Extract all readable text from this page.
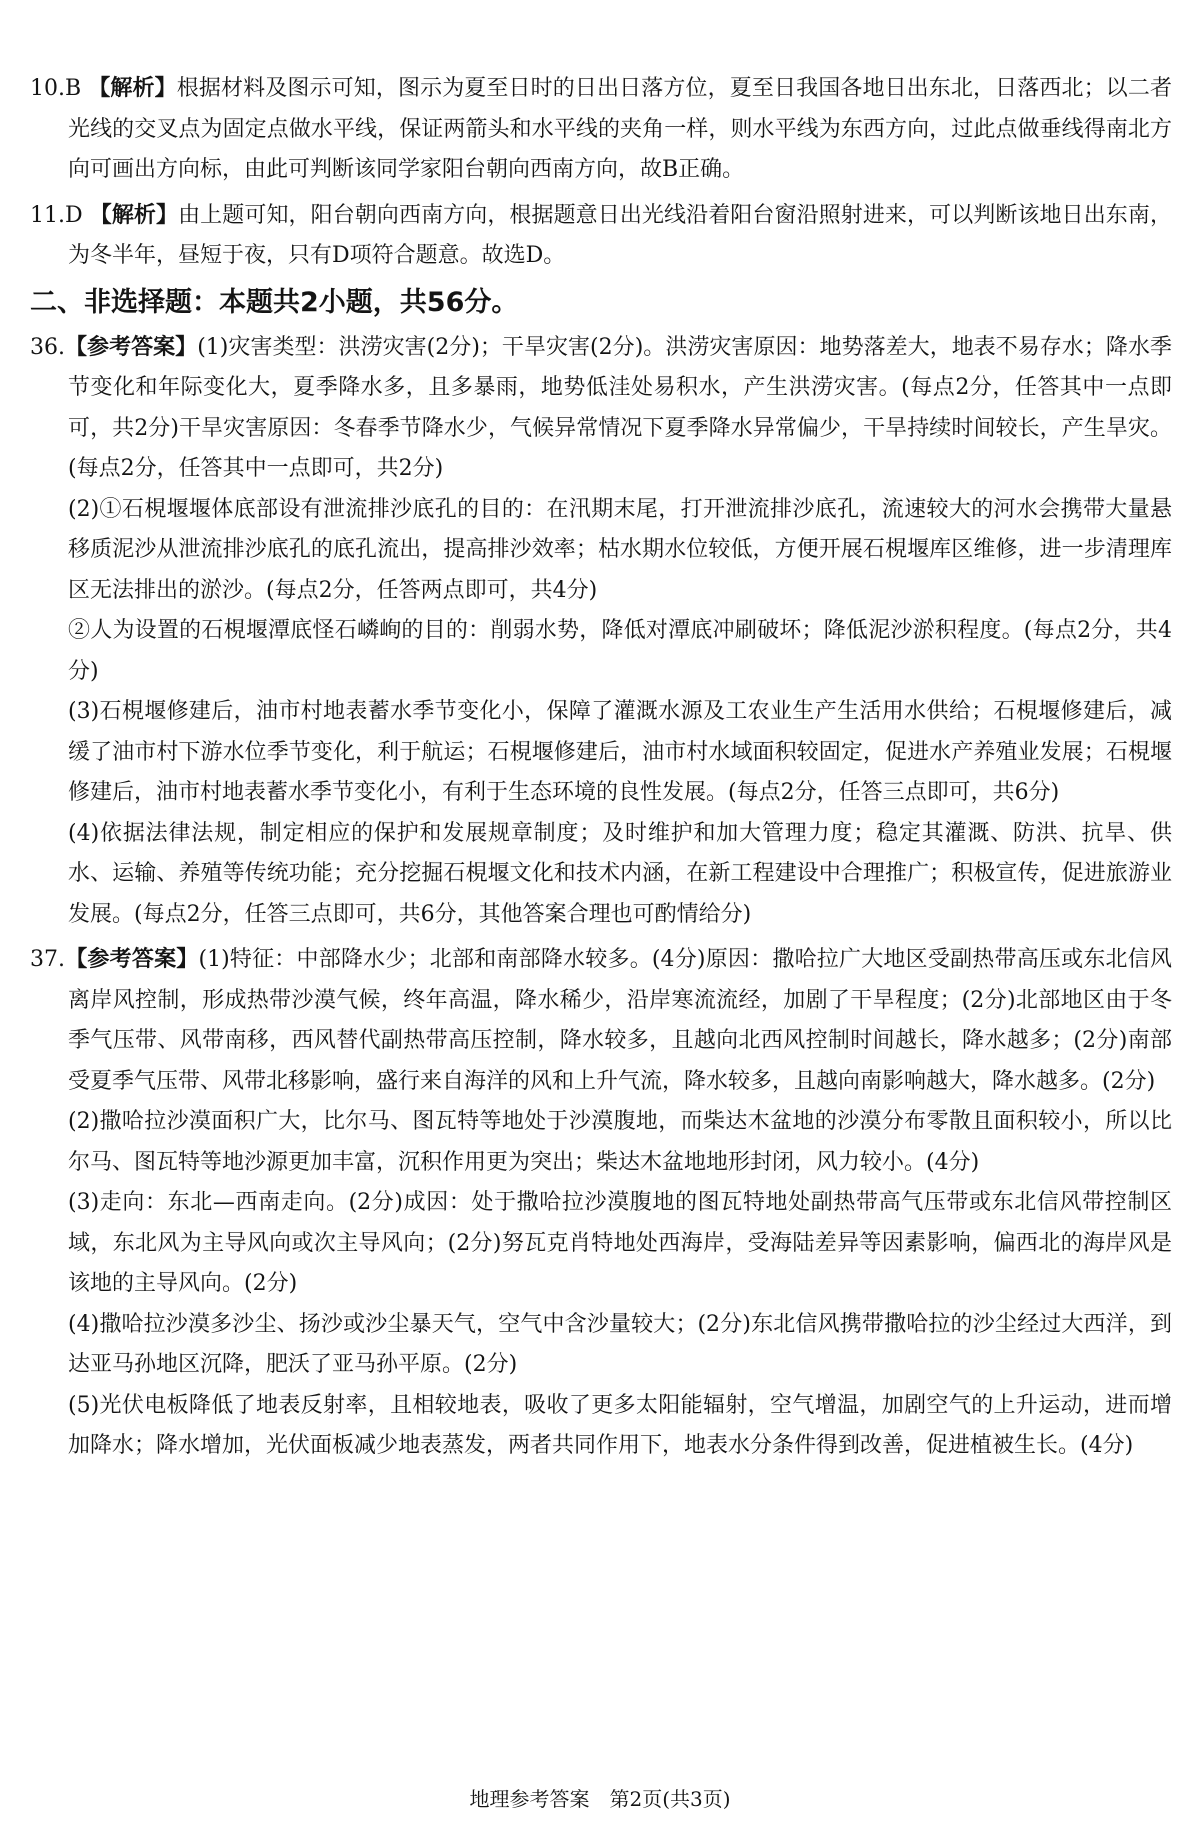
10.B 【解析】根据材料及图示可知，图示为夏至日时的日出日落方位，夏至日我国各地日出东北，日落西北；以二者光线的交叉点为固定点做水平线，保证两箭头和水平线的夹角一样，则水平线为东西方向，过此点做垂线得南北方向可画出方向标，由此可判断该同学家阳台朝向西南方向，故B正确。
11.D 【解析】由上题可知，阳台朝向西南方向，根据题意日出光线沿着阳台窗沿照射进来，可以判断该地日出东南，为冬半年，昼短于夜，只有D项符合题意。故选D。
二、非选择题：本题共2小题，共56分。
36.【参考答案】(1)灾害类型：洪涝灾害(2分)；干旱灾害(2分)。洪涝灾害原因：地势落差大，地表不易存水；降水季节变化和年际变化大，夏季降水多，且多暴雨，地势低洼处易积水，产生洪涝灾害。(每点2分，任答其中一点即可，共2分)干旱灾害原因：冬春季节降水少，气候异常情况下夏季降水异常偏少，干旱持续时间较长，产生旱灾。(每点2分，任答其中一点即可，共2分)
(2)①石梘堰堰体底部设有泄流排沙底孔的目的：在汛期末尾，打开泄流排沙底孔，流速较大的河水会携带大量悬移质泥沙从泄流排沙底孔的底孔流出，提高排沙效率；枯水期水位较低，方便开展石梘堰库区维修，进一步清理库区无法排出的淤沙。(每点2分，任答两点即可，共4分)
②人为设置的石梘堰潭底怪石嶙峋的目的：削弱水势，降低对潭底冲刷破坏；降低泥沙淤积程度。(每点2分，共4分)
(3)石梘堰修建后，油市村地表蓄水季节变化小，保障了灌溉水源及工农业生产生活用水供给；石梘堰修建后，减缓了油市村下游水位季节变化，利于航运；石梘堰修建后，油市村水域面积较固定，促进水产养殖业发展；石梘堰修建后，油市村地表蓄水季节变化小，有利于生态环境的良性发展。(每点2分，任答三点即可，共6分)
(4)依据法律法规，制定相应的保护和发展规章制度；及时维护和加大管理力度；稳定其灌溉、防洪、抗旱、供水、运输、养殖等传统功能；充分挖掘石梘堰文化和技术内涵，在新工程建设中合理推广；积极宣传，促进旅游业发展。(每点2分，任答三点即可，共6分，其他答案合理也可酌情给分)
37.【参考答案】(1)特征：中部降水少；北部和南部降水较多。(4分)原因：撒哈拉广大地区受副热带高压或东北信风离岸风控制，形成热带沙漠气候，终年高温，降水稀少，沿岸寒流流经，加剧了干旱程度；(2分)北部地区由于冬季气压带、风带南移，西风替代副热带高压控制，降水较多，且越向北西风控制时间越长，降水越多；(2分)南部受夏季气压带、风带北移影响，盛行来自海洋的风和上升气流，降水较多，且越向南影响越大，降水越多。(2分)
(2)撒哈拉沙漠面积广大，比尔马、图瓦特等地处于沙漠腹地，而柴达木盆地的沙漠分布零散且面积较小，所以比尔马、图瓦特等地沙源更加丰富，沉积作用更为突出；柴达木盆地地形封闭，风力较小。(4分)
(3)走向：东北—西南走向。(2分)成因：处于撒哈拉沙漠腹地的图瓦特地处副热带高气压带或东北信风带控制区域，东北风为主导风向或次主导风向；(2分)努瓦克肖特地处西海岸，受海陆差异等因素影响，偏西北的海岸风是该地的主导风向。(2分)
(4)撒哈拉沙漠多沙尘、扬沙或沙尘暴天气，空气中含沙量较大；(2分)东北信风携带撒哈拉的沙尘经过大西洋，到达亚马孙地区沉降，肥沃了亚马孙平原。(2分)
(5)光伏电板降低了地表反射率，且相较地表，吸收了更多太阳能辐射，空气增温，加剧空气的上升运动，进而增加降水；降水增加，光伏面板减少地表蒸发，两者共同作用下，地表水分条件得到改善，促进植被生长。(4分)
地理参考答案　第2页(共3页)
